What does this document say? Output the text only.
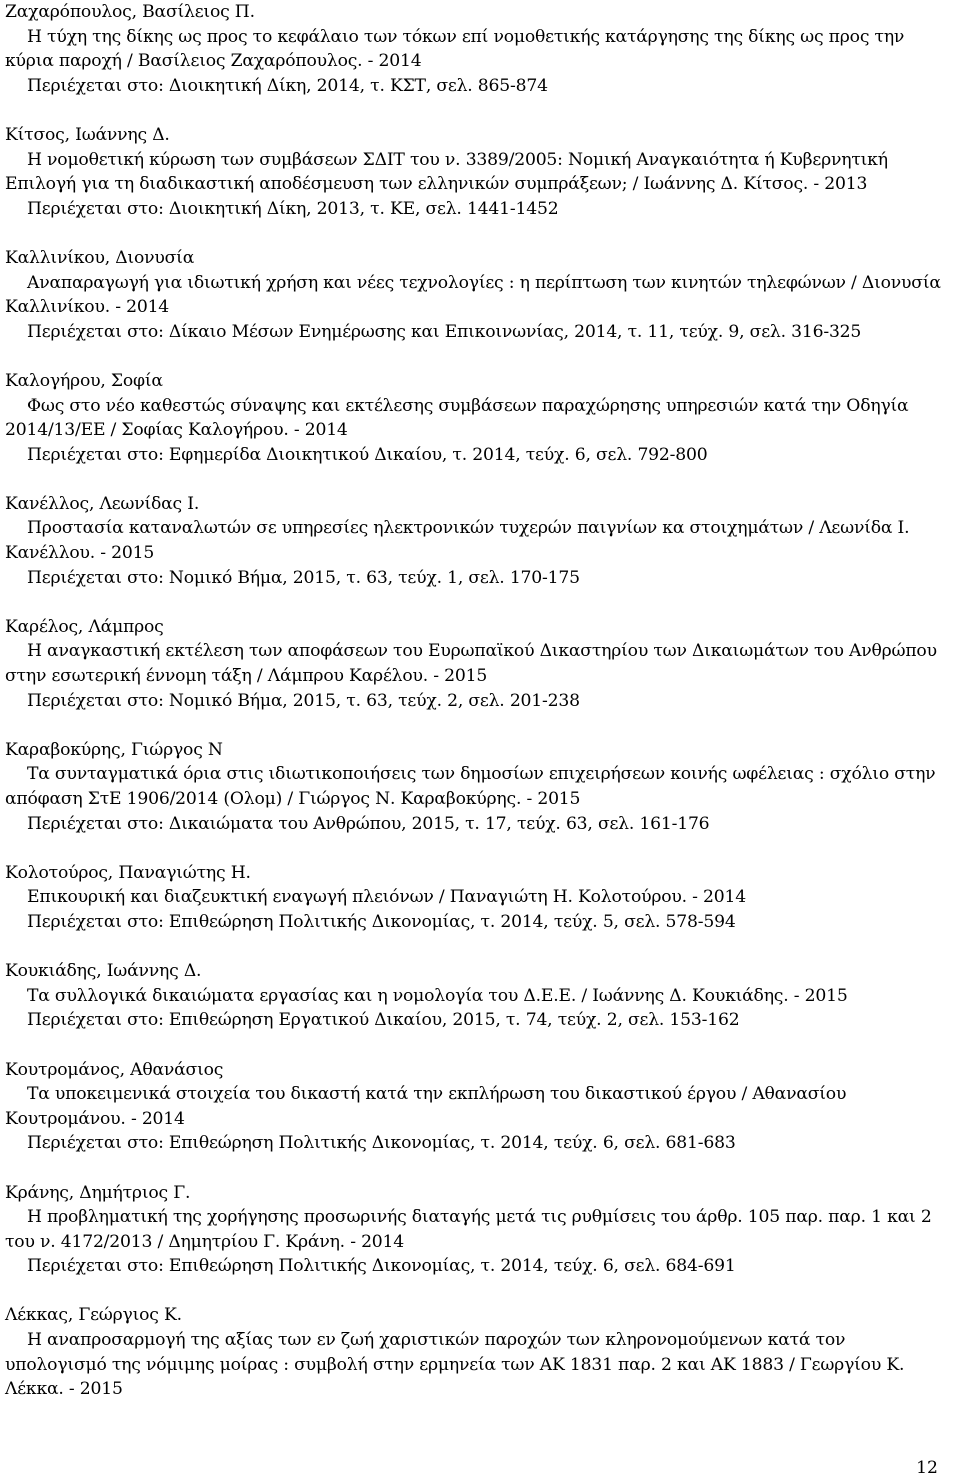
Ζαχαρόπουλος, Βασίλειος Π.
Η τύχη της δίκης ως προς το κεφάλαιο των τόκων επί νομοθετικής κατάργησης της δίκης ως προς την κύρια παροχή / Βασίλειος Ζαχαρόπουλος. - 2014
Περιέχεται στο: Διοικητική Δίκη, 2014, τ. ΚΣΤ, σελ. 865-874
Κίτσος, Ιωάννης Δ.
Η νομοθετική κύρωση των συμβάσεων ΣΔΙΤ του ν. 3389/2005: Νομική Αναγκαιότητα ή Κυβερνητική Επιλογή για τη διαδικαστική αποδέσμευση των ελληνικών συμπράξεων; / Ιωάννης Δ. Κίτσος. - 2013
Περιέχεται στο: Διοικητική Δίκη, 2013, τ. ΚΕ, σελ. 1441-1452
Καλλινίκου, Διονυσία
Αναπαραγωγή για ιδιωτική χρήση και νέες τεχνολογίες : η περίπτωση των κινητών τηλεφώνων / Διονυσία Καλλινίκου. - 2014
Περιέχεται στο: Δίκαιο Μέσων Ενημέρωσης και Επικοινωνίας, 2014, τ. 11, τεύχ. 9, σελ. 316-325
Καλογήρου, Σοφία
Φως στο νέο καθεστώς σύναψης και εκτέλεσης συμβάσεων παραχώρησης υπηρεσιών κατά την Οδηγία 2014/13/ΕΕ / Σοφίας Καλογήρου. - 2014
Περιέχεται στο: Εφημερίδα Διοικητικού Δικαίου, τ. 2014, τεύχ. 6, σελ. 792-800
Κανέλλος, Λεωνίδας Ι.
Προστασία καταναλωτών σε υπηρεσίες ηλεκτρονικών τυχερών παιγνίων κα στοιχημάτων / Λεωνίδα Ι. Κανέλλου. - 2015
Περιέχεται στο: Νομικό Βήμα, 2015, τ. 63, τεύχ. 1, σελ. 170-175
Καρέλος, Λάμπρος
Η αναγκαστική εκτέλεση των αποφάσεων του Ευρωπαϊκού Δικαστηρίου των Δικαιωμάτων του Ανθρώπου στην εσωτερική έννομη τάξη / Λάμπρου Καρέλου. - 2015
Περιέχεται στο: Νομικό Βήμα, 2015, τ. 63, τεύχ. 2, σελ. 201-238
Καραβοκύρης, Γιώργος Ν
Τα συνταγματικά όρια στις ιδιωτικοποιήσεις των δημοσίων επιχειρήσεων κοινής ωφέλειας : σχόλιο στην απόφαση ΣτΕ 1906/2014 (Ολομ) / Γιώργος Ν. Καραβοκύρης. - 2015
Περιέχεται στο: Δικαιώματα του Ανθρώπου, 2015, τ. 17, τεύχ. 63, σελ. 161-176
Κολοτούρος, Παναγιώτης Η.
Επικουρική και διαζευκτική εναγωγή πλειόνων / Παναγιώτη Η. Κολοτούρου. - 2014
Περιέχεται στο: Επιθεώρηση Πολιτικής Δικονομίας, τ. 2014, τεύχ. 5, σελ. 578-594
Κουκιάδης, Ιωάννης Δ.
Τα συλλογικά δικαιώματα εργασίας και η νομολογία του Δ.Ε.Ε. / Ιωάννης Δ. Κουκιάδης. - 2015
Περιέχεται στο: Επιθεώρηση Εργατικού Δικαίου, 2015, τ. 74, τεύχ. 2, σελ. 153-162
Κουτρομάνος, Αθανάσιος
Τα υποκειμενικά στοιχεία του δικαστή κατά την εκπλήρωση του δικαστικού έργου / Αθανασίου Κουτρομάνου. - 2014
Περιέχεται στο: Επιθεώρηση Πολιτικής Δικονομίας, τ. 2014, τεύχ. 6, σελ. 681-683
Κράνης, Δημήτριος Γ.
Η προβληματική της χορήγησης προσωρινής διαταγής μετά τις ρυθμίσεις του άρθρ. 105 παρ. παρ. 1 και 2 του ν. 4172/2013 / Δημητρίου Γ. Κράνη. - 2014
Περιέχεται στο: Επιθεώρηση Πολιτικής Δικονομίας, τ. 2014, τεύχ. 6, σελ. 684-691
Λέκκας, Γεώργιος Κ.
Η αναπροσαρμογή της αξίας των εν ζωή χαριστικών παροχών των κληρονομούμενων κατά τον υπολογισμό της νόμιμης μοίρας : συμβολή στην ερμηνεία των ΑΚ 1831 παρ. 2 και ΑΚ 1883 / Γεωργίου Κ. Λέκκα. - 2015
12
